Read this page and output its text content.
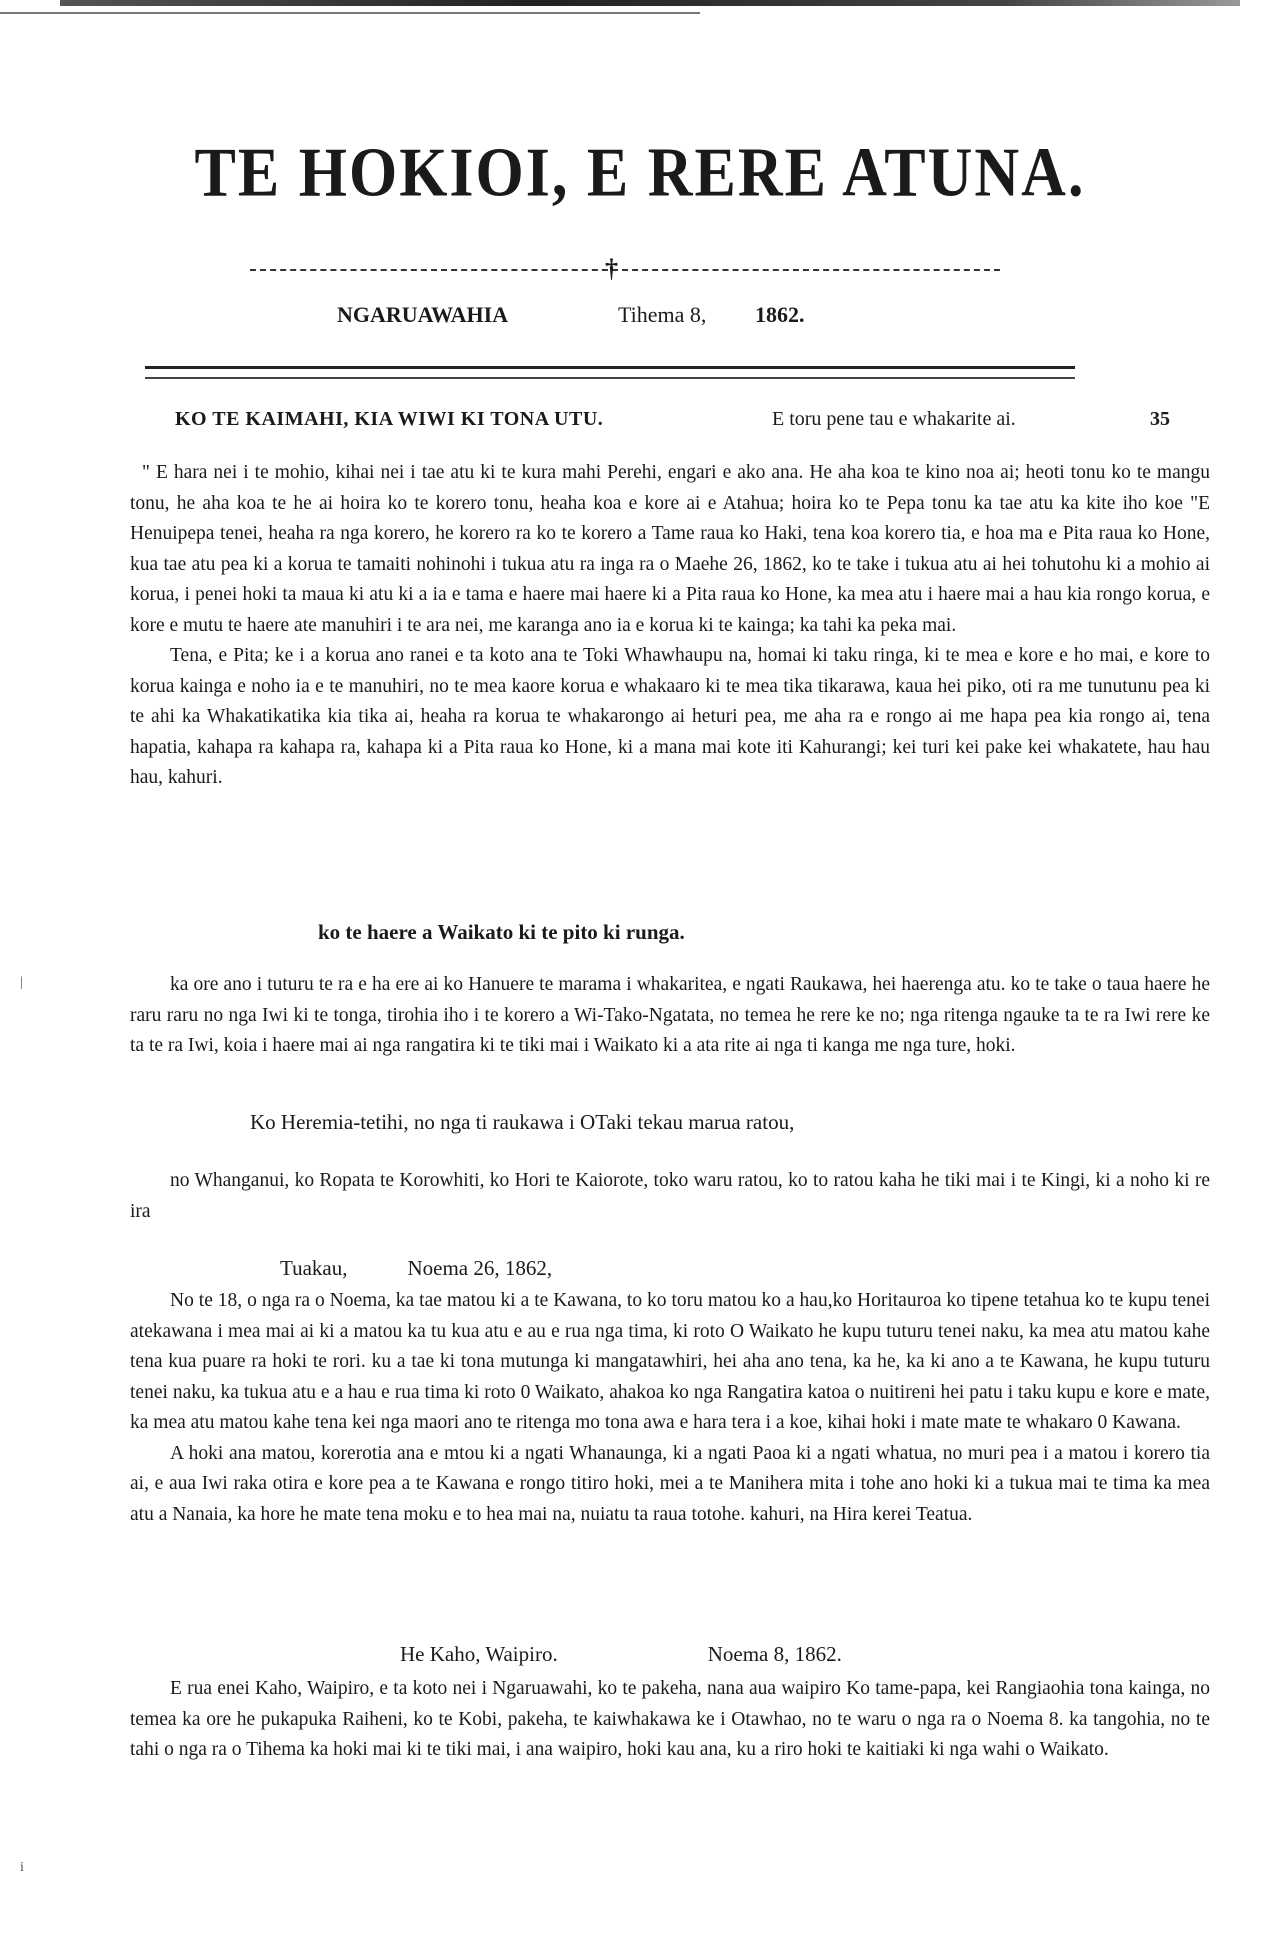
TE HOKIOI, E RERE ATUNA.
†
NGARUAWAHIA	Tihema 8, 1862.
KO TE KAIMAHI, KIA WIWI KI TONA UTU.	E toru pene tau e whakarite ai.	35

" E hara nei i te mohio, kihai nei i tae atu ki te kura mahi Perehi, engari e ako ana. He aha koa te kino noa ai; heoti tonu ko te mangu tonu, he aha koa te he ai hoira ko te korero tonu, heaha koa e kore ai e Atahua; hoira ko te Pepa tonu ka tae atu ka kite iho koe "E Henuipepa tenei, heaha ra nga korero, he korero ra ko te korero a Tame raua ko Haki, tena koa korero tia, e hoa ma e Pita raua ko Hone, kua tae atu pea ki a korua te tamaiti nohinohi i tukua atu ra inga ra o Maehe 26, 1862, ko te take i tukua atu ai hei tohutohu ki a mohio ai korua, i penei hoki ta maua ki atu ki a ia e tama e haere mai haere ki a Pita raua ko Hone, ka mea atu i haere mai a hau kia rongo korua, e kore e mutu te haere ate manuhiri i te ara nei, me karanga ano ia e korua ki te kainga; ka tahi ka peka mai.

Tena, e Pita; ke i a korua ano ranei e ta koto ana te Toki Whawhaupu na, homai ki taku ringa, ki te mea e kore e ho mai, e kore to korua kainga e noho ia e te manuhiri, no te mea kaore korua e whakaaro ki te mea tika tikarawa, kaua hei piko, oti ra me tunutunu pea ki te ahi ka Whakatikatika kia tika ai, heaha ra korua te whakarongo ai heturi pea, me aha ra e rongo ai me hapa pea kia rongo ai, tena hapatia, kahapa ra kahapa ra, kahapa ki a Pita raua ko Hone, ki a mana mai kote iti Kahurangi; kei turi kei pake kei whakatete, hau hau hau, kahuri.

ko te haere a Waikato ki te pito ki runga.

ka ore ano i tuturu te ra e ha ere ai ko Hanuere te marama i whakaritea, e ngati Raukawa, hei haerenga atu. ko te take o taua haere he raru raru no nga Iwi ki te tonga, tirohia iho i te korero a Wi-Tako-Ngatata, no temea he rere ke no; nga ritenga ngauke ta te ra Iwi rere ke ta te ra Iwi, koia i haere mai ai nga rangatira ki te tiki mai i Waikato ki a ata rite ai nga ti kanga me nga ture, hoki.

Ko Heremia-tetihi, no nga ti raukawa i OTaki tekau marua ratou,

no Whanganui, ko Ropata te Korowhiti, ko Hori te Kaiorote, toko waru ratou, ko to ratou kaha he tiki mai i te Kingi, ki a noho ki re ira

Tuakau,	Noema 26, 1862,

No te 18, o nga ra o Noema, ka tae matou ki a te Kawana, to ko toru matou ko a hau,ko Horitauroa ko tipene tetahua ko te kupu tenei atekawana i mea mai ai ki a matou ka tu kua atu e au e rua nga tima, ki roto O Waikato he kupu tuturu tenei naku, ka mea atu matou kahe tena kua puare ra hoki te rori. ku a tae ki tona mutunga ki mangatawhiri, hei aha ano tena, ka he, ka ki ano a te Kawana, he kupu tuturu tenei naku, ka tukua atu e a hau e rua tima ki roto 0 Waikato, ahakoa ko nga Rangatira katoa o nuitireni hei patu i taku kupu e kore e mate, ka mea atu matou kahe tena kei nga maori ano te ritenga mo tona awa e hara tera i a koe, kihai hoki i mate mate te whakaro 0 Kawana.

A hoki ana matou, korerotia ana e mtou ki a ngati Whanaunga, ki a ngati Paoa ki a ngati whatua, no muri pea i a matou i korero tia ai, e aua Iwi raka otira e kore pea a te Kawana e rongo titiro hoki, mei a te Manihera mita i tohe ano hoki ki a tukua mai te tima ka mea atu a Nanaia, ka hore he mate tena moku e to hea mai na, nuiatu ta raua totohe. kahuri, na Hira kerei Teatua.

He Kaho, Waipiro.	Noema 8, 1862.

E rua enei Kaho, Waipiro, e ta koto nei i Ngaruawahi, ko te pakeha, nana aua waipiro Ko tame-papa, kei Rangiaohia tona kainga, no temea ka ore he pukapuka Raiheni, ko te Kobi, pakeha, te kaiwhakawa ke i Otawhao, no te waru o nga ra o Noema 8. ka tangohia, no te tahi o nga ra o Tihema ka hoki mai ki te tiki mai, i ana waipiro, hoki kau ana, ku a riro hoki te kaitiaki ki nga wahi o Waikato.

|
i
